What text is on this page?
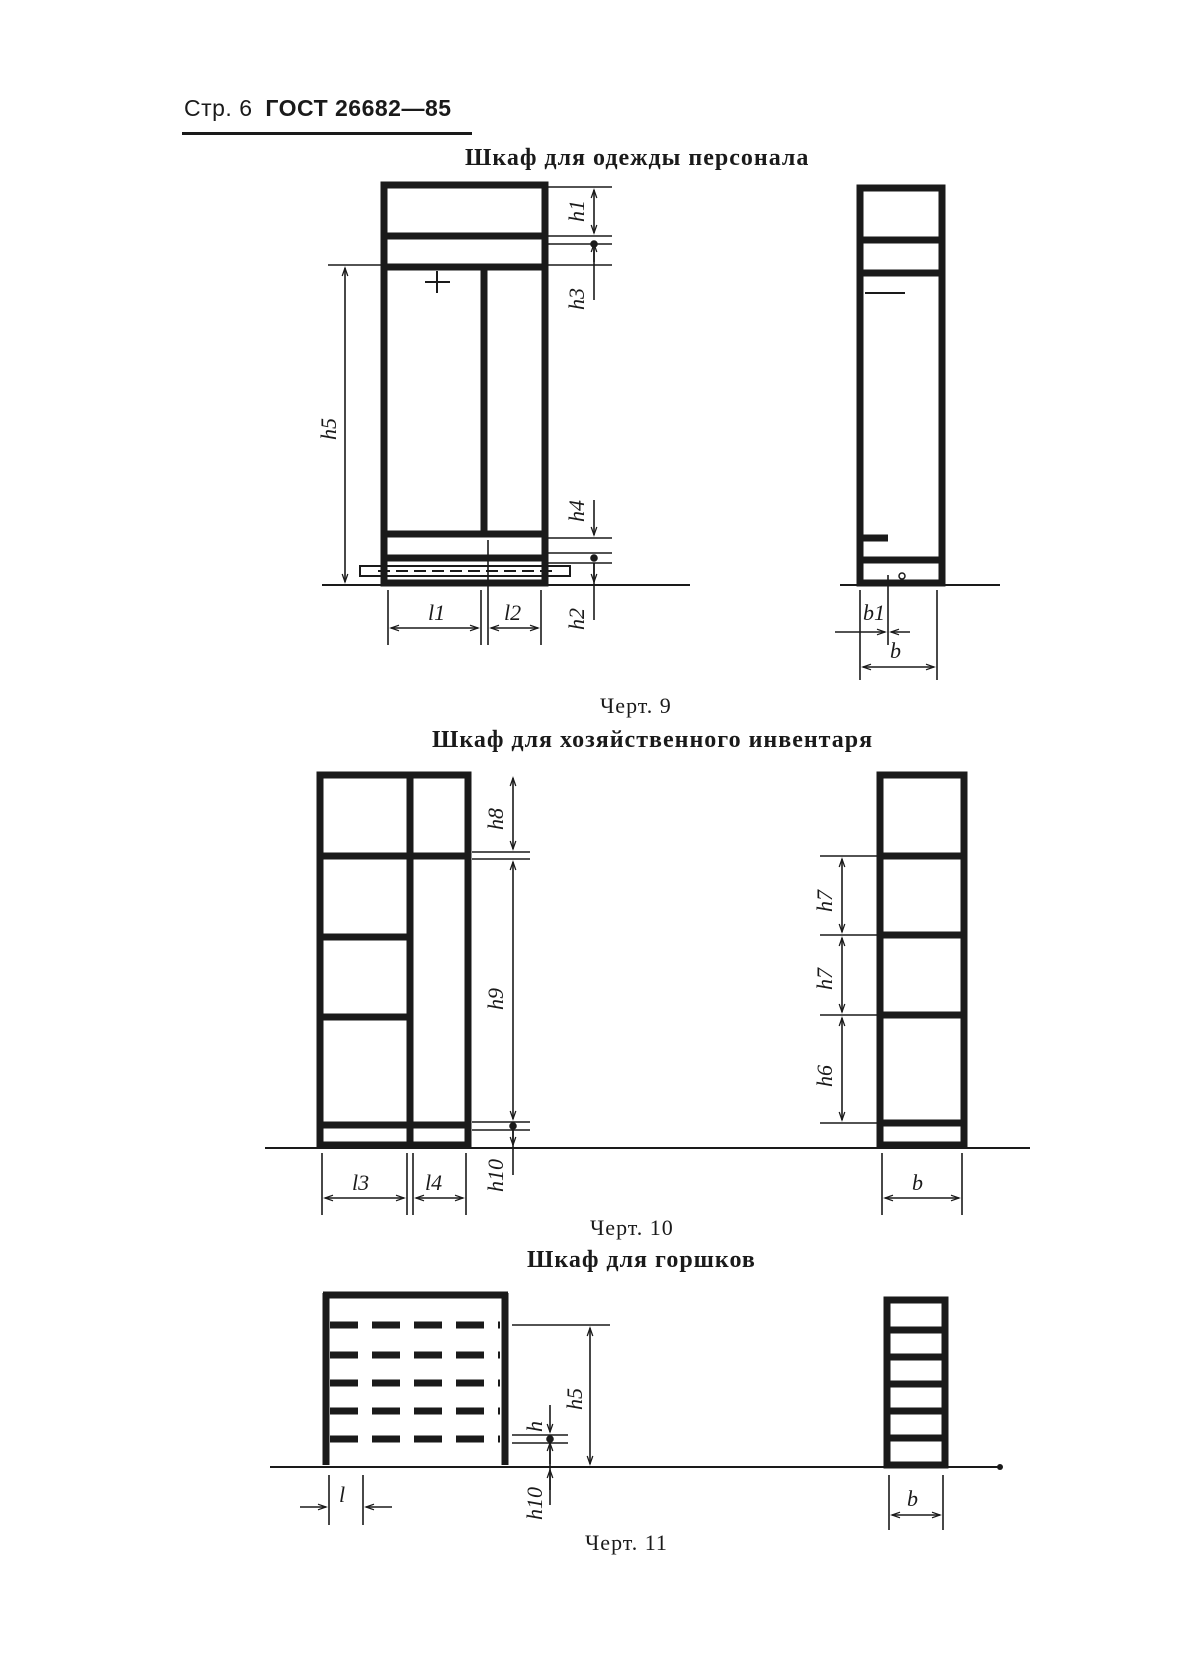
Стр. 6 ГОСТ 26682—85
Шкаф для одежды персонала
Черт. 9
Шкаф для хозяйственного инвентаря
Черт. 10
Шкаф для горшков
Черт. 11
h1
h3
h5
h4
h2
l1	l2	b1
b
h8
h9
h10
l3	l4
h7
h7
h6
b
h5
h
h10
l	b
